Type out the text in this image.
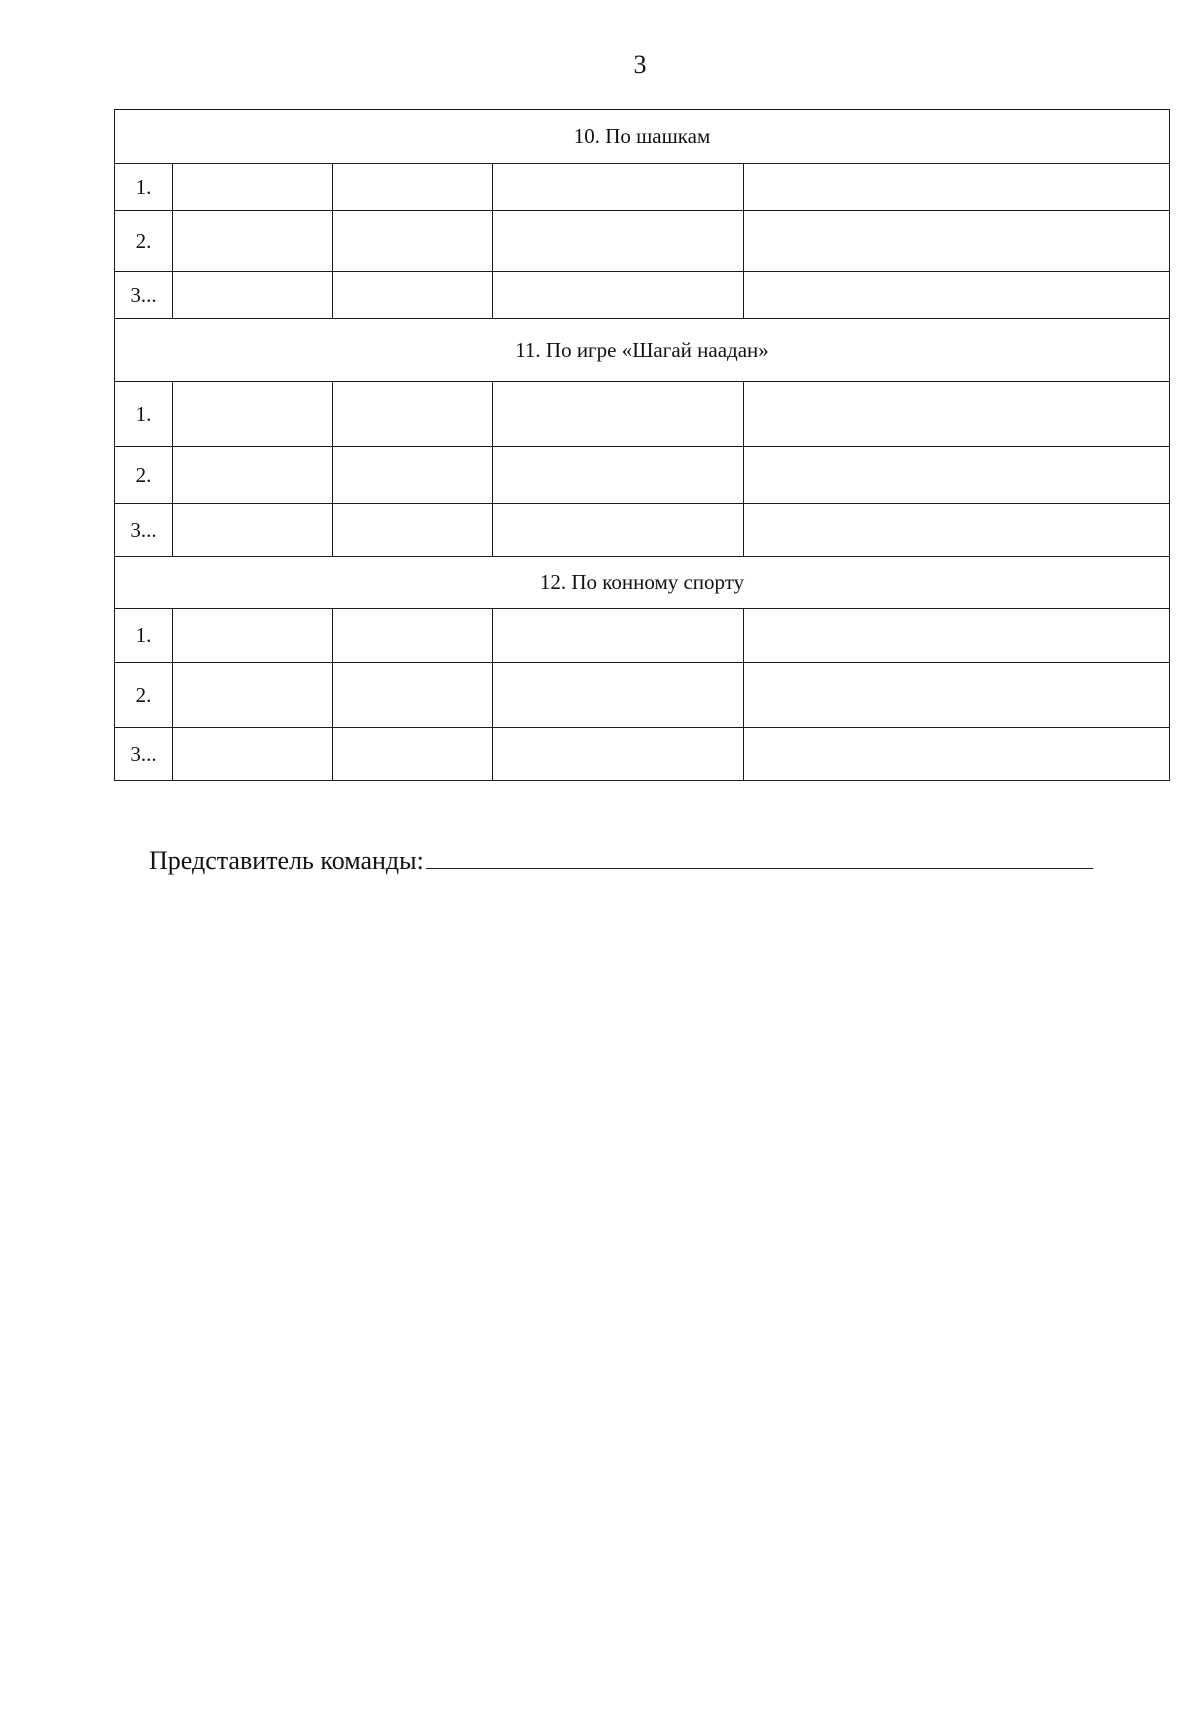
3
10. По шашкам				
1.				
2.				
3...				
11. По игре «Шагай наадан»				
1.				
2.				
3...				
12. По конному спорту				
1.				
2.				
3...				
Представитель команды:
